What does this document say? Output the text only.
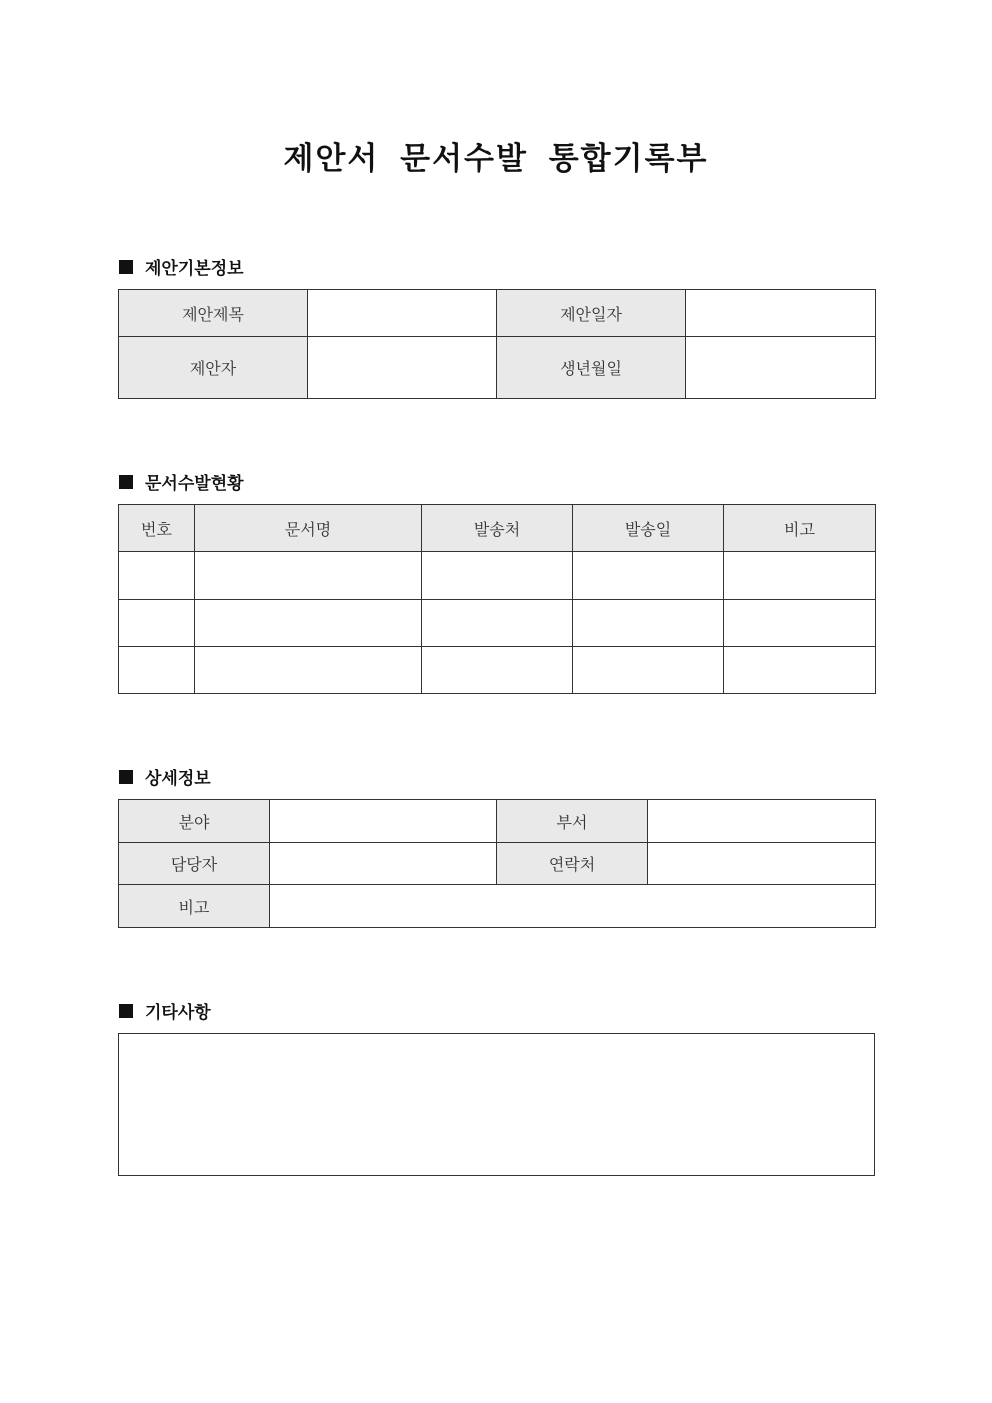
제안서 문서수발 통합기록부
제안기본정보
제안제목		제안일자	
제안자		생년월일	
문서수발현황
번호	문서명	발송처	발송일	비고

상세정보
분야		부서	
담당자		연락처	
비고			
기타사항
